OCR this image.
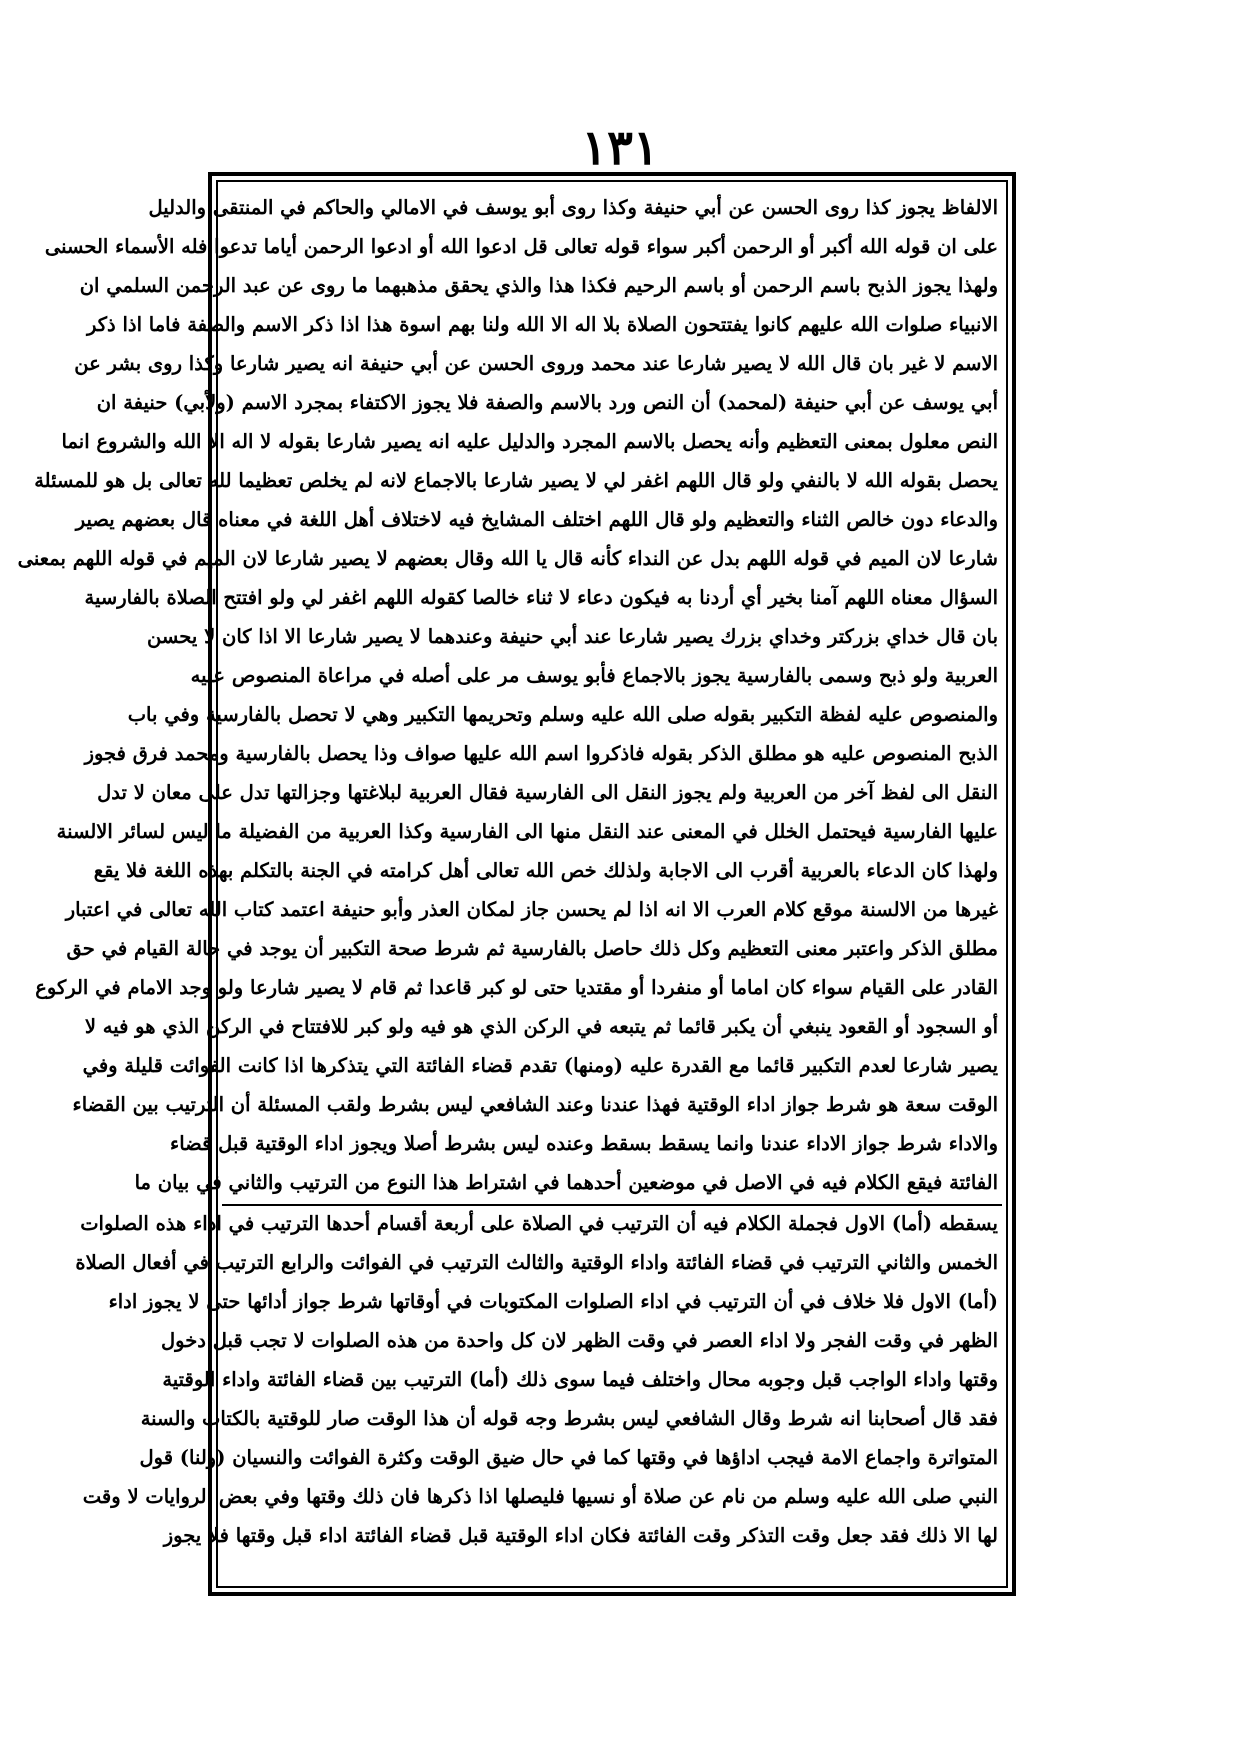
۱۳۱
الالفاظ يجوز كذا روى الحسن عن أبي حنيفة وكذا روى أبو يوسف في الامالي والحاكم في المنتقى والدليل
على ان قوله الله أكبر أو الرحمن أكبر سواء قوله تعالى قل ادعوا الله أو ادعوا الرحمن أياما تدعوا فله الأسماء الحسنى
ولهذا يجوز الذبح باسم الرحمن أو باسم الرحيم فكذا هذا والذي يحقق مذهبهما ما روى عن عبد الرحمن السلمي ان
الانبياء صلوات الله عليهم كانوا يفتتحون الصلاة بلا اله الا الله ولنا بهم اسوة هذا اذا ذكر الاسم والصفة فاما اذا ذكر
الاسم لا غير بان قال الله لا يصير شارعا عند محمد وروى الحسن عن أبي حنيفة انه يصير شارعا وكذا روى بشر عن
أبي يوسف عن أبي حنيفة (لمحمد) أن النص ورد بالاسم والصفة فلا يجوز الاكتفاء بمجرد الاسم (ولأبي) حنيفة ان
النص معلول بمعنى التعظيم وأنه يحصل بالاسم المجرد والدليل عليه انه يصير شارعا بقوله لا اله الا الله والشروع انما
يحصل بقوله الله لا بالنفي ولو قال اللهم اغفر لي لا يصير شارعا بالاجماع لانه لم يخلص تعظيما لله تعالى بل هو للمسئلة
والدعاء دون خالص الثناء والتعظيم ولو قال اللهم اختلف المشايخ فيه لاختلاف أهل اللغة في معناه قال بعضهم يصير
شارعا لان الميم في قوله اللهم بدل عن النداء كأنه قال يا الله وقال بعضهم لا يصير شارعا لان الميم في قوله اللهم بمعنى
السؤال معناه اللهم آمنا بخير أي أردنا به فيكون دعاء لا ثناء خالصا كقوله اللهم اغفر لي ولو افتتح الصلاة بالفارسية
بان قال خداي بزركتر وخداي بزرك يصير شارعا عند أبي حنيفة وعندهما لا يصير شارعا الا اذا كان لا يحسن
العربية ولو ذبح وسمى بالفارسية يجوز بالاجماع فأبو يوسف مر على أصله في مراعاة المنصوص عليه
والمنصوص عليه لفظة التكبير بقوله صلى الله عليه وسلم وتحريمها التكبير وهي لا تحصل بالفارسية وفي باب
الذبح المنصوص عليه هو مطلق الذكر بقوله فاذكروا اسم الله عليها صواف وذا يحصل بالفارسية ومحمد فرق فجوز
النقل الى لفظ آخر من العربية ولم يجوز النقل الى الفارسية فقال العربية لبلاغتها وجزالتها تدل على معان لا تدل
عليها الفارسية فيحتمل الخلل في المعنى عند النقل منها الى الفارسية وكذا العربية من الفضيلة ما ليس لسائر الالسنة
ولهذا كان الدعاء بالعربية أقرب الى الاجابة ولذلك خص الله تعالى أهل كرامته في الجنة بالتكلم بهذه اللغة فلا يقع
غيرها من الالسنة موقع كلام العرب الا انه اذا لم يحسن جاز لمكان العذر وأبو حنيفة اعتمد كتاب الله تعالى في اعتبار
مطلق الذكر واعتبر معنى التعظيم وكل ذلك حاصل بالفارسية ثم شرط صحة التكبير أن يوجد في حالة القيام في حق
القادر على القيام سواء كان اماما أو منفردا أو مقتديا حتى لو كبر قاعدا ثم قام لا يصير شارعا ولو وجد الامام في الركوع
أو السجود أو القعود ينبغي أن يكبر قائما ثم يتبعه في الركن الذي هو فيه ولو كبر للافتتاح في الركن الذي هو فيه لا
يصير شارعا لعدم التكبير قائما مع القدرة عليه (ومنها) تقدم قضاء الفائتة التي يتذكرها اذا كانت الفوائت قليلة وفي
الوقت سعة هو شرط جواز اداء الوقتية فهذا عندنا وعند الشافعي ليس بشرط ولقب المسئلة أن الترتيب بين القضاء
والاداء شرط جواز الاداء عندنا وانما يسقط بسقط وعنده ليس بشرط أصلا ويجوز اداء الوقتية قبل قضاء
الفائتة فيقع الكلام فيه في الاصل في موضعين أحدهما في اشتراط هذا النوع من الترتيب والثاني في بيان ما
يسقطه (أما) الاول فجملة الكلام فيه أن الترتيب في الصلاة على أربعة أقسام أحدها الترتيب في اداء هذه الصلوات
الخمس والثاني الترتيب في قضاء الفائتة واداء الوقتية والثالث الترتيب في الفوائت والرابع الترتيب في أفعال الصلاة
(أما) الاول فلا خلاف في أن الترتيب في اداء الصلوات المكتوبات في أوقاتها شرط جواز أدائها حتى لا يجوز اداء
الظهر في وقت الفجر ولا اداء العصر في وقت الظهر لان كل واحدة من هذه الصلوات لا تجب قبل دخول
وقتها واداء الواجب قبل وجوبه محال واختلف فيما سوى ذلك (أما) الترتيب بين قضاء الفائتة واداء الوقتية
فقد قال أصحابنا انه شرط وقال الشافعي ليس بشرط وجه قوله أن هذا الوقت صار للوقتية بالكتاب والسنة
المتواترة واجماع الامة فيجب اداؤها في وقتها كما في حال ضيق الوقت وكثرة الفوائت والنسيان (ولنا) قول
النبي صلى الله عليه وسلم من نام عن صلاة أو نسيها فليصلها اذا ذكرها فان ذلك وقتها وفي بعض الروايات لا وقت
لها الا ذلك فقد جعل وقت التذكر وقت الفائتة فكان اداء الوقتية قبل قضاء الفائتة اداء قبل وقتها فلا يجوز
